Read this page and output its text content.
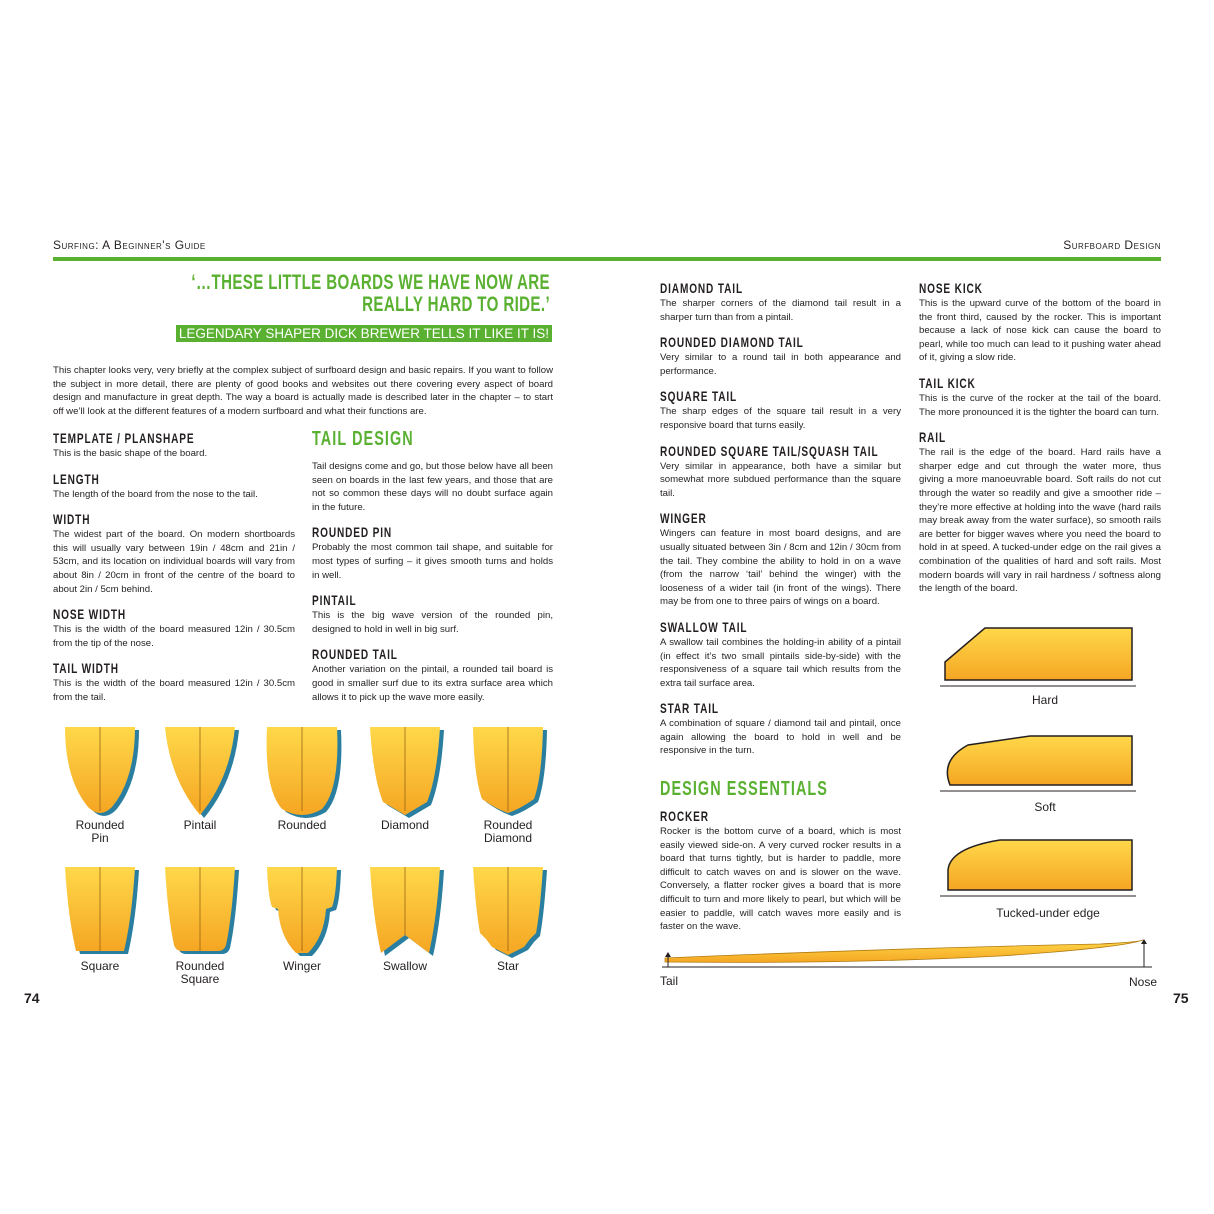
Surfing: A Beginner's Guide	Surfboard Design
‘…THESE LITTLE BOARDS WE HAVE NOW ARE
REALLY HARD TO RIDE.’
LEGENDARY SHAPER DICK BREWER TELLS IT LIKE IT IS!

This chapter looks very, very briefly at the complex subject of surfboard design and basic repairs. If you want to follow the subject in more detail, there are plenty of good books and websites out there covering every aspect of board design and manufacture in great depth. The way a board is actually made is described later in the chapter – to start off we’ll look at the different features of a modern surfboard and what their functions are.

TEMPLATE / PLANSHAPE

This is the basic shape of the board.

LENGTH

The length of the board from the nose to the tail.

WIDTH

The widest part of the board. On modern shortboards this will usually vary between 19in / 48cm and 21in / 53cm, and its location on individual boards will vary from about 8in / 20cm in front of the centre of the board to about 2in / 5cm behind.

NOSE WIDTH

This is the width of the board measured 12in / 30.5cm from the tip of the nose.

TAIL WIDTH

This is the width of the board measured 12in / 30.5cm from the tail.

TAIL DESIGN

Tail designs come and go, but those below have all been seen on boards in the last few years, and those that are not so common these days will no doubt surface again in the future.

ROUNDED PIN

Probably the most common tail shape, and suitable for most types of surfing – it gives smooth turns and holds in well.

PINTAIL

This is the big wave version of the rounded pin, designed to hold in well in big surf.

ROUNDED TAIL

Another variation on the pintail, a rounded tail board is good in smaller surf due to its extra surface area which allows it to pick up the wave more easily.

DIAMOND TAIL

The sharper corners of the diamond tail result in a sharper turn than from a pintail.

ROUNDED DIAMOND TAIL

Very similar to a round tail in both appearance and performance.

SQUARE TAIL

The sharp edges of the square tail result in a very responsive board that turns easily.

ROUNDED SQUARE TAIL/SQUASH TAIL

Very similar in appearance, both have a similar but somewhat more subdued performance than the square tail.

WINGER

Wingers can feature in most board designs, and are usually situated between 3in / 8cm and 12in / 30cm from the tail. They combine the ability to hold in on a wave (from the narrow ‘tail’ behind the winger) with the looseness of a wider tail (in front of the wings). There may be from one to three pairs of wings on a board.

SWALLOW TAIL

A swallow tail combines the holding-in ability of a pintail (in effect it’s two small pintails side-by-side) with the responsiveness of a square tail which results from the extra tail surface area.

STAR TAIL

A combination of square / diamond tail and pintail, once again allowing the board to hold in well and be responsive in the turn.

DESIGN ESSENTIALS
ROCKER

Rocker is the bottom curve of a board, which is most easily viewed side-on. A very curved rocker results in a board that turns tightly, but is harder to paddle, more difficult to catch waves on and is slower on the wave. Conversely, a flatter rocker gives a board that is more difficult to turn and more likely to pearl, but which will be easier to paddle, will catch waves more easily and is faster on the wave.

NOSE KICK

This is the upward curve of the bottom of the board in the front third, caused by the rocker. This is important because a lack of nose kick can cause the board to pearl, while too much can lead to it pushing water ahead of it, giving a slow ride.

TAIL KICK

This is the curve of the rocker at the tail of the board. The more pronounced it is the tighter the board can turn.

RAIL

The rail is the edge of the board. Hard rails have a sharper edge and cut through the water more, thus giving a more manoeuvrable board. Soft rails do not cut through the water so readily and give a smoother ride – they’re more effective at holding into the wave (hard rails may break away from the water surface), so smooth rails are better for bigger waves where you need the board to hold in at speed. A tucked-under edge on the rail gives a combination of the qualities of hard and soft rails. Most modern boards will vary in rail hardness / softness along the length of the board.

Hard
Soft
Tucked-under edge
Tail	Nose
74	75
Rounded
Pin
Pintail	Rounded	Diamond	Rounded
Diamond
Square	Rounded
Square
Winger	Swallow	Star
